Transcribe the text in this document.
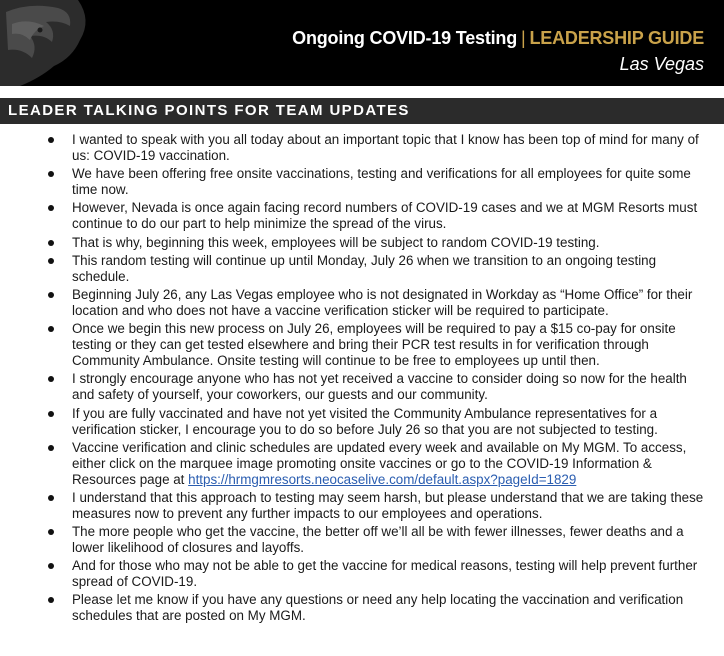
Ongoing COVID-19 Testing | LEADERSHIP GUIDE
Las Vegas
LEADER TALKING POINTS FOR TEAM UPDATES
I wanted to speak with you all today about an important topic that I know has been top of mind for many of us: COVID-19 vaccination.
We have been offering free onsite vaccinations, testing and verifications for all employees for quite some time now.
However, Nevada is once again facing record numbers of COVID-19 cases and we at MGM Resorts must continue to do our part to help minimize the spread of the virus.
That is why, beginning this week, employees will be subject to random COVID-19 testing.
This random testing will continue up until Monday, July 26 when we transition to an ongoing testing schedule.
Beginning July 26, any Las Vegas employee who is not designated in Workday as “Home Office” for their location and who does not have a vaccine verification sticker will be required to participate.
Once we begin this new process on July 26, employees will be required to pay a $15 co-pay for onsite testing or they can get tested elsewhere and bring their PCR test results in for verification through Community Ambulance. Onsite testing will continue to be free to employees up until then.
I strongly encourage anyone who has not yet received a vaccine to consider doing so now for the health and safety of yourself, your coworkers, our guests and our community.
If you are fully vaccinated and have not yet visited the Community Ambulance representatives for a verification sticker, I encourage you to do so before July 26 so that you are not subjected to testing.
Vaccine verification and clinic schedules are updated every week and available on My MGM. To access, either click on the marquee image promoting onsite vaccines or go to the COVID-19 Information & Resources page at https://hrmgmresorts.neocaselive.com/default.aspx?pageId=1829
I understand that this approach to testing may seem harsh, but please understand that we are taking these measures now to prevent any further impacts to our employees and operations.
The more people who get the vaccine, the better off we’ll all be with fewer illnesses, fewer deaths and a lower likelihood of closures and layoffs.
And for those who may not be able to get the vaccine for medical reasons, testing will help prevent further spread of COVID-19.
Please let me know if you have any questions or need any help locating the vaccination and verification schedules that are posted on My MGM.
